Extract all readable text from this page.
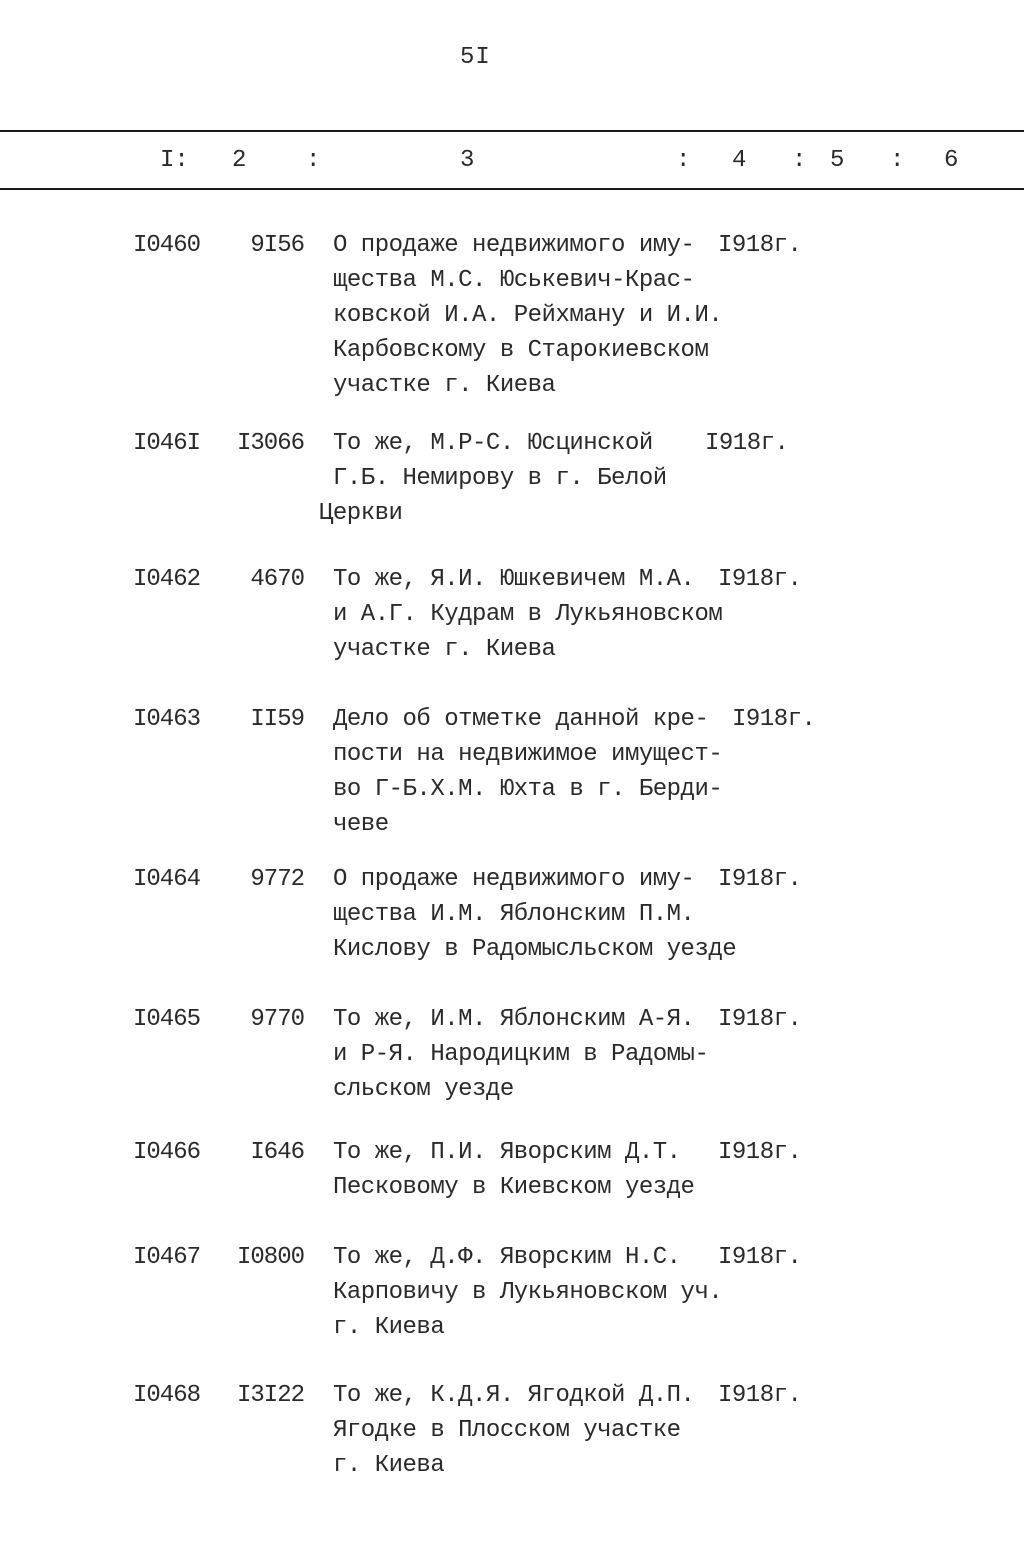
5I
I: 2 :	3	: 4 : 5 : 6
I0460 9I56 О продаже недвижимого иму-
щества М.С. Юськевич-Крас-
ковской И.А. Рейхману и И.И.
Карбовскому в Старокиевском
участке г. Киева
I918г.
I046I I3066 То же, М.Р-С. Юсцинской
Г.Б. Немирову в г. Белой
Церкви
I918г.
I0462 4670 То же, Я.И. Юшкевичем М.А.
и А.Г. Кудрам в Лукьяновском
участке г. Киева
I918г.
I0463 II59 Дело об отметке данной кре-
пости на недвижимое имущест-
во Г-Б.Х.М. Юхта в г. Берди-
чеве
I918г.
I0464 9772 О продаже недвижимого иму-
щества И.М. Яблонским П.М.
Кислову в Радомысльском уезде
I918г.
I0465 9770 То же, И.М. Яблонским А-Я.
и Р-Я. Народицким в Радомы-
сльском уезде
I918г.
I0466 I646 То же, П.И. Яворским Д.Т.
Песковому в Киевском уезде
I918г.
I0467 I0800 То же, Д.Ф. Яворским Н.С.
Карповичу в Лукьяновском уч.
г. Киева
I918г.
I0468 I3I22 То же, К.Д.Я. Ягодкой Д.П.
Ягодке в Плосском участке
г. Киева
I918г.
